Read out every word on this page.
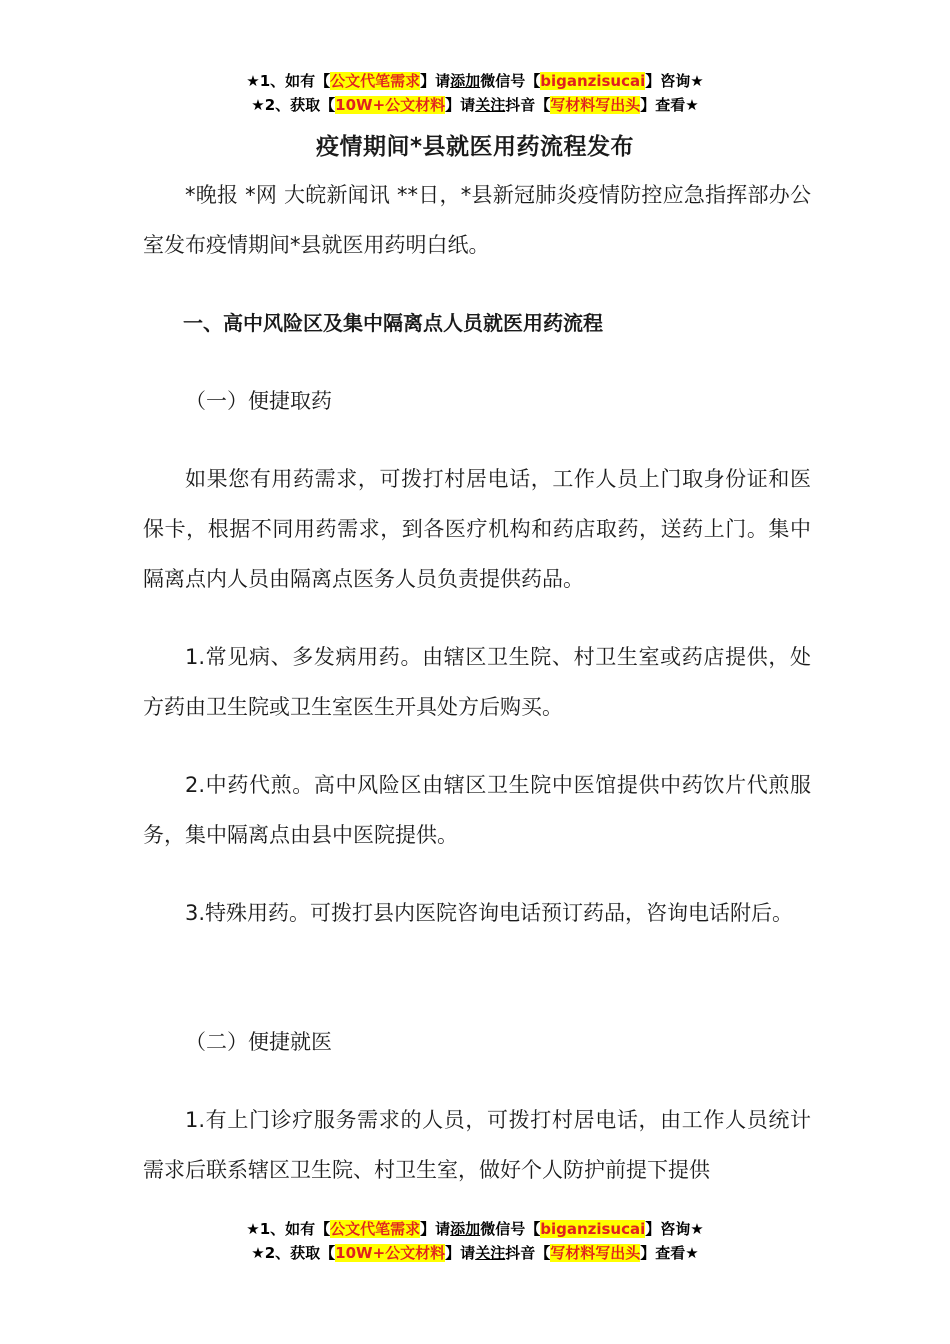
★1、如有【公文代笔需求】请添加微信号【biganzisucai】咨询★
★2、获取【10W+公文材料】请关注抖音【写材料写出头】查看★
疫情期间*县就医用药流程发布
*晚报 *网 大皖新闻讯 **日，*县新冠肺炎疫情防控应急指挥部办公室发布疫情期间*县就医用药明白纸。
一、高中风险区及集中隔离点人员就医用药流程
（一）便捷取药
如果您有用药需求，可拨打村居电话，工作人员上门取身份证和医保卡，根据不同用药需求，到各医疗机构和药店取药，送药上门。集中隔离点内人员由隔离点医务人员负责提供药品。
1.常见病、多发病用药。由辖区卫生院、村卫生室或药店提供，处方药由卫生院或卫生室医生开具处方后购买。
2.中药代煎。高中风险区由辖区卫生院中医馆提供中药饮片代煎服务，集中隔离点由县中医院提供。
3.特殊用药。可拨打县内医院咨询电话预订药品，咨询电话附后。
（二）便捷就医
1.有上门诊疗服务需求的人员，可拨打村居电话，由工作人员统计需求后联系辖区卫生院、村卫生室，做好个人防护前提下提供
★1、如有【公文代笔需求】请添加微信号【biganzisucai】咨询★
★2、获取【10W+公文材料】请关注抖音【写材料写出头】查看★
